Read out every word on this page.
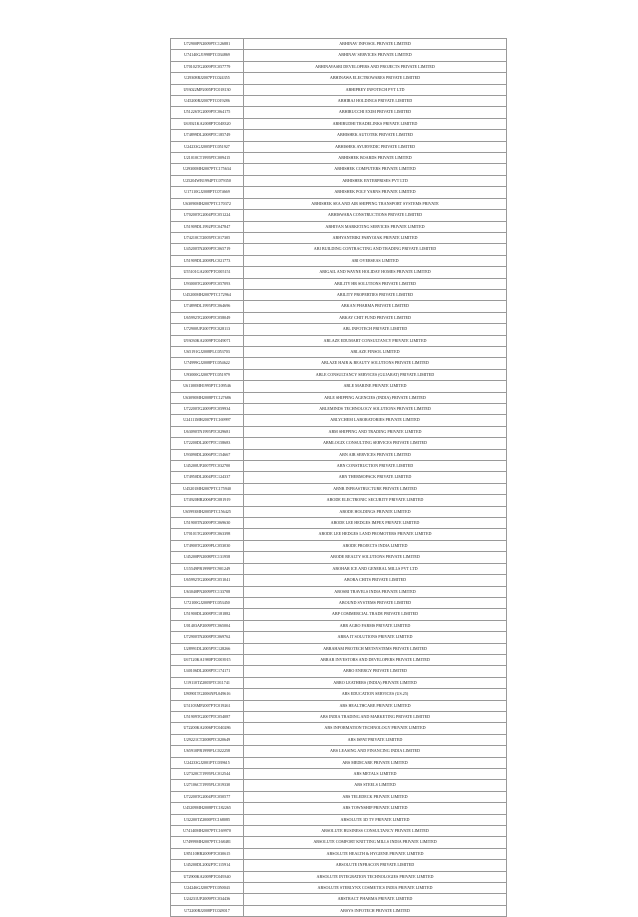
U72900PN2009PTC126881	ABHINAV INFOSOL PRIVATE LIMITED
U74140GJ1998PTC034869	ABHINAV SERVICES PRIVATE LIMITED
U70102TG2009PTC057779	ABHINAVASRI DEVELOPERS AND PROJECTS PRIVATE LIMITED
U29308RJ2007PTC024355	ABHINAWA ELECTROWARES PRIVATE LIMITED
U93022MP2005PTC018130	ABHIPREY INFOTECH PVT LTD
U45200RJ2007PTC019286	ABHIRAJ HOLDINGS PRIVATE LIMITED
U51226TG2009PTC064175	ABHIRUCCHI EXIM PRIVATE LIMITED
U63921KA2008PTC048320	ABHIRUDHI TRADELINKS PRIVATE LIMITED
U74899DL2008PTC185749	ABHISHEK AUTOTEK PRIVATE LIMITED
U24233GJ2005PTC051927	ABHISHEK AYURVEDIC PRIVATE LIMITED
U21010CT1995PTC009415	ABHISHEK BOARDS PRIVATE LIMITED
U29300MH2007PTC175634	ABHISHEK COMPUTERS PRIVATE LIMITED
U25204WB1994PTC079350	ABHISHEK ENTERPRISES PVT LTD
U17110GJ2008PTC074669	ABHISHEK POLY YARNS PRIVATE LIMITED
U63090MH2007PTC170372	ABHISHEK SEA AND AIR SHIPPING TRANSPORT SYSTEMS PRIVATE
U70200TG2004PTC051224	ABHISWARA CONSTRUCTIONS PRIVATE LIMITED
U51909DL1992PTC047847	ABHIYAN MARKETING SERVICES PRIVATE LIMITED
U74210CT2005PTC017305	ABHYANTRIKI PARYOJAK PRIVATE LIMITED
U45200TN2009PTC065719	ABI BUILDING CONTRACTING AND TRADING PRIVATE LIMITED
U51909DL2008PLC021773	ABI OVERSEAS LIMITED
U55101GA2007PTC005151	ABIGAIL AND WAYNE HOLIDAY HOMES PRIVATE LIMITED
U93000TG2009PTC057093	ABILITY HR SOLUTIONS PRIVATE LIMITED
U45200MH2007PTC172964	ABILITY PROPERTIES PRIVATE LIMITED
U74899DL1995PTC064696	ABKAN PHARMA PRIVATE LIMITED
U65992TG2009PTC058049	ABKAY CHIT FUND PRIVATE LIMITED
U72900UP2007PTC028113	ABL INFOTECH PRIVATE LIMITED
U93030KA2009PTC049071	ABLAZE EDUMART CONSULTANCY PRIVATE LIMITED
U65191GJ2008PLC053703	ABLAZE FINSOL LIMITED
U74999GJ2008PTC054622	ABLAZE HAIR & BEAUTY SOLUTIONS PRIVATE LIMITED
U93000GJ2007PTC051979	ABLE CONSULTANCY SERVICES (GUJARAT) PRIVATE LIMITED
U61100MH1995PTC109546	ABLE MARINE PRIVATE LIMITED
U63090MH2008PTC127686	ABLE SHIPPING AGENCIES (INDIA) PRIVATE LIMITED
U72200TG2009PTC059934	ABLEMINDS TECHNOLOGY SOLUTIONS PRIVATE LIMITED
U24111MH2007PTC169997	ABLYCHEM LABORATORIES PRIVATE LIMITED
U63090TN1995PTC029681	ABM SHIPPING AND TRADING PRIVATE LIMITED
U72200DL2007PTC158683	ABMLOGIX CONSULTING SERVICES PRIVATE LIMITED
U93090DL2006PTC154667	ABN AIR SERVICES PRIVATE LIMITED
U45200UP2007PTC032700	ABN CONSTRUCTION PRIVATE LIMITED
U74950DL2004PTC124337	ABN THERMOPACK PRIVATE LIMITED
U45201MH2007PTC175940	ABNR INFRASTRUCTURE PRIVATE LIMITED
U74920HR2006PTC081919	ABODE ELECTRONIC SECURITY PRIVATE LIMITED
U65993MH2005PTC156425	ABODE HOLDINGS PRIVATE LIMITED
U51900TN2009PTC069630	ABODE LEE HEDGES IMPEX PRIVATE LIMITED
U70101TG2009PTC063398	ABODE LEE HEDGES LAND PROMOTERS PRIVATE LIMITED
U74900TG2009PLC053030	ABODE PROJECTS INDIA LIMITED
U45200PN2008PTC131958	ABODE REALTY SOLUTIONS PRIVATE LIMITED
U15549PB1999PTC901249	ABOHAR ICE AND GENERAL MILLS PVT LTD
U65992TG2006PTC051041	ABORA CHITS PRIVATE LIMITED
U63040PN2009PTC133708	ABOSRI TRAVELS INDIA PRIVATE LIMITED
U72100GJ2009PTC053450	ABOUND SYSTEMS PRIVATE LIMITED
U51900DL2008PTC181882	ABP COMMERCIAL TRADE PRIVATE LIMITED
U01403AP2009PTC065004	ABR AGRO FARMS PRIVATE LIMITED
U72900TN2008PTC069762	ABRA IT SOLUTIONS PRIVATE LIMITED
U28991DL2005PTC128266	ABRAHAM PROTECH METSYSTEMS PRIVATE LIMITED
U67120KA1980PTC003915	ABRAR INVESTORS AND DEVELOPERS PRIVATE LIMITED
U40106DL2008PTC174171	ABRO ENERGY PRIVATE LIMITED
U19110TZ2005PTC011741	ABRO LEATHERS (INDIA) PRIVATE LIMITED
U80901TG2006NPL049616	ABS EDUCATION SERVICES (US.25)
U51103MP2007PTC019261	ABS HEALTHCARE PRIVATE LIMITED
U51909TG2007PTC054087	ABS INDIA TRADING AND MARKETING PRIVATE LIMITED
U72200KA2006PTC040286	ABS INFORMATION TECHNOLOGY PRIVATE LIMITED
U29221CT2008PTC020649	ABS ISPAT PRIVATE LIMITED
U65910PB1999PLC022258	ABS LEASING AND FINANCING INDIA LIMITED
U24233GJ2001PTC039615	ABS MEDICARE PRIVATE LIMITED
U27320CT1995PLC012544	ABS METALS LIMITED
U27106CT1995PLC019330	ABS STEELS LIMITED
U72200TG2004PTC050577	ABS TELEDECK PRIVATE LIMITED
U45209MH2008PTC182265	ABS TOWNSHIP PRIVATE LIMITED
U32200TZ2000PTC168085	ABSOLUTE 3D TV PRIVATE LIMITED
U74140MH2007PTC169970	ABSOLUTE BUSINESS CONSULTANCY PRIVATE LIMITED
U74999MH2007PTC168481	ABSOLUTE COMFORT KNITTING MILLS INDIA PRIVATE LIMITED
U85110HR2009PTC030615	ABSOLUTE HEALTH & HYGIENE PRIVATE LIMITED
U45200DL2002PTC115914	ABSOLUTE INFRACON PRIVATE LIMITED
U72900KA2009PTC049340	ABSOLUTE INTEGRATION TECHNOLOGIES PRIVATE LIMITED
U24246GJ2007PTC050043	ABSOLUTE STERLYNX COSMETICS INDIA PRIVATE LIMITED
U24231UP2009PTC034436	ABSTRACT PHARMA PRIVATE LIMITED
U72200RJ2008PTC028017	ABSYS INFOTECH PRIVATE LIMITED
